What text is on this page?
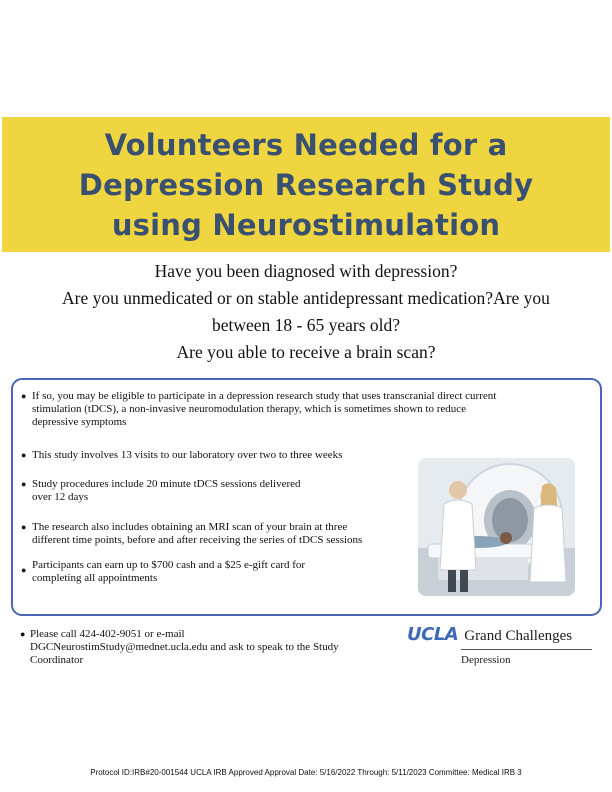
Volunteers Needed for a
Depression Research Study
using Neurostimulation
Have you been diagnosed with depression?
Are you unmedicated or on stable antidepressant medication?Are you
between 18 - 65 years old?
Are you able to receive a brain scan?
● If so, you may be eligible to participate in a depression research study that uses transcranial direct current
stimulation (tDCS), a non-invasive neuromodulation therapy, which is sometimes shown to reduce
depressive symptoms
● This study involves 13 visits to our laboratory over two to three weeks
● Study procedures include 20 minute tDCS sessions delivered
over 12 days
● The research also includes obtaining an MRI scan of your brain at three
different time points, before and after receiving the series of tDCS sessions
● Participants can earn up to $700 cash and a $25 e-gift card for
completing all appointments
● Please call 424-402-9051 or e-mail
DGCNeurostimStudy@mednet.ucla.edu and ask to speak to the Study
Coordinator
UCLA Grand Challenges
Depression
Protocol ID:IRB#20-001544 UCLA IRB Approved Approval Date: 5/16/2022 Through: 5/11/2023 Committee: Medical IRB 3
